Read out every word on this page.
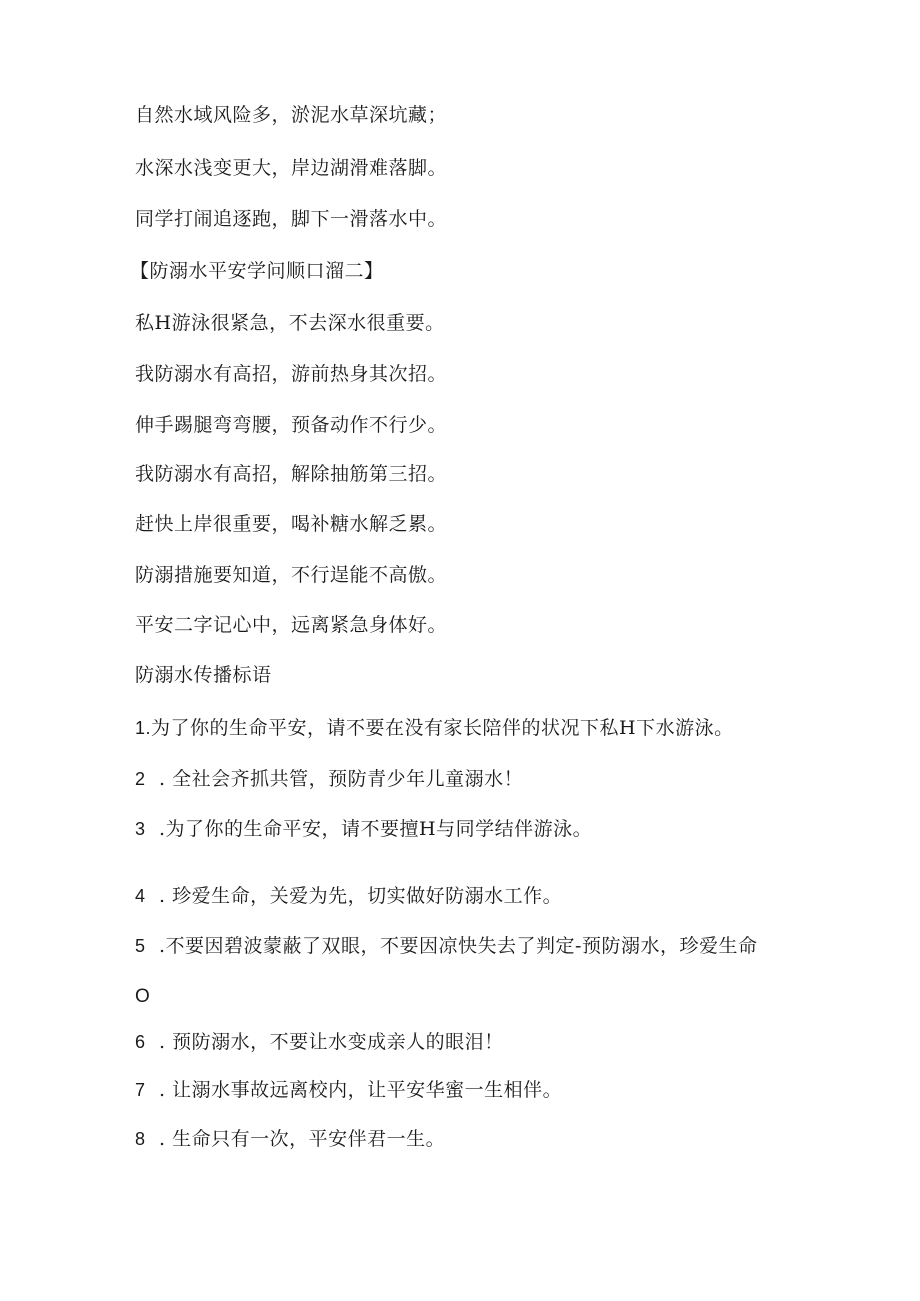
自然水域风险多，淤泥水草深坑藏；
水深水浅变更大，岸边湖滑难落脚。
同学打闹追逐跑，脚下一滑落水中。
【防溺水平安学问顺口溜二】
私H游泳很紧急，不去深水很重要。
我防溺水有高招，游前热身其次招。
伸手踢腿弯弯腰，预备动作不行少。
我防溺水有高招，解除抽筋第三招。
赶快上岸很重要，喝补糖水解乏累。
防溺措施要知道，不行逞能不高傲。
平安二字记心中，远离紧急身体好。
防溺水传播标语
1.为了你的生命平安，请不要在没有家长陪伴的状况下私H下水游泳。
2 . 全社会齐抓共管，预防青少年儿童溺水！
3 .为了你的生命平安，请不要擅H与同学结伴游泳。
4 . 珍爱生命，关爱为先，切实做好防溺水工作。
5 .不要因碧波蒙蔽了双眼，不要因凉快失去了判定-预防溺水，珍爱生命
O
6 . 预防溺水，不要让水变成亲人的眼泪！
7 . 让溺水事故远离校内，让平安华蜜一生相伴。
8 . 生命只有一次，平安伴君一生。
